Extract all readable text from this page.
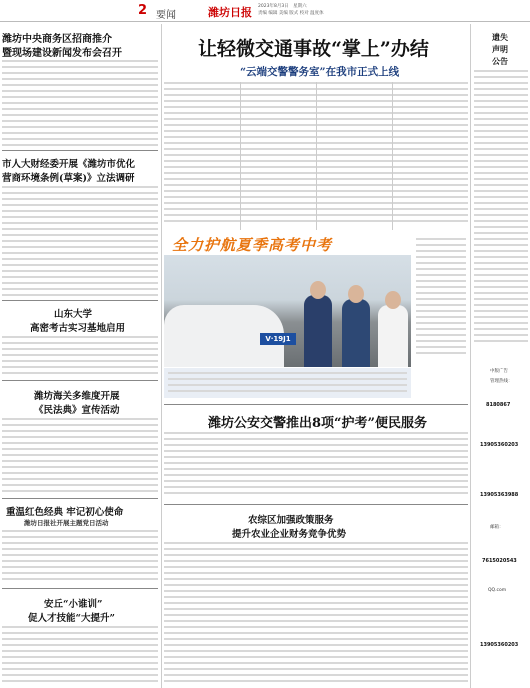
2 要闻	潍坊日报 2023年8月3日　星期六
责编 编辑 美编 版式 校对 温度体
潍坊中央商务区招商推介
暨现场建设新闻发布会召开
市人大财经委开展《潍坊市优化
营商环境条例(草案)》立法调研
山东大学
高密考古实习基地启用
潍坊海关多维度开展
《民法典》宣传活动
重温红色经典 牢记初心使命
潍坊日报社开展主题党日活动
安丘“小谁训”
促人才技能“大提升”
让轻微交通事故“掌上”办结
“云端交警警务室”在我市正式上线
全力护航夏季高考中考
V·19J1
潍坊公安交警推出8项“护考”便民服务
农综区加强政策服务
提升农业企业财务竞争优势
遗失
声明
公告
中版广告
管理热线：
8180867
13905360203
13905363988
邮箱：
7615020543
QQ.com
13905360203
